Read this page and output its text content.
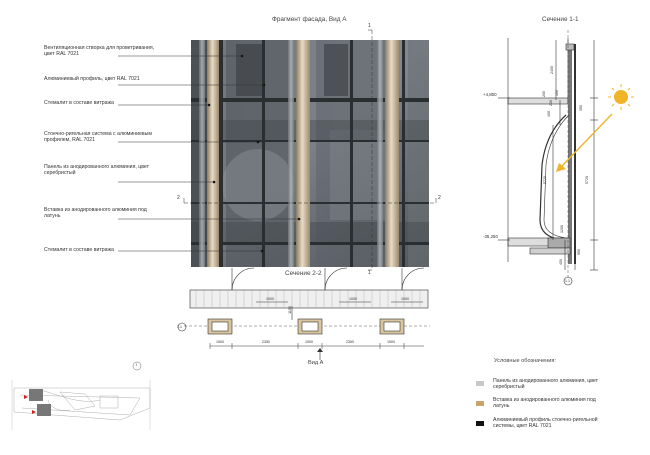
Фрагмент фасада, Вид А
Вентиляционная створка для проветривания, цвет RAL 7021
Алюминиевый профиль, цвет RAL 7021
Стемалит в составе витража
Стоечно-ригельная система с алюминиевым профилем, RAL 7021
Панель из анодированного алюминия, цвет серебристый
Вставка из анодированного алюминия под латунь
Стемалит в составе витража
1
1
2	2
Сечение 1-1
+4,850
-35,250
2400
200
350
200
100
400
5720	5720
1200
450
950
1.1
Сечение 2-2
1000	1000	1000
1195
1500	2350	1500	2350	1500
1.1
Вид А
I
Условные обозначения:
Панель из анодированного алюминия, цвет серебристый
Вставка из анодированного алюминия под латунь
Алюминиевый профиль стоечно-ригельной системы, цвет RAL 7021
